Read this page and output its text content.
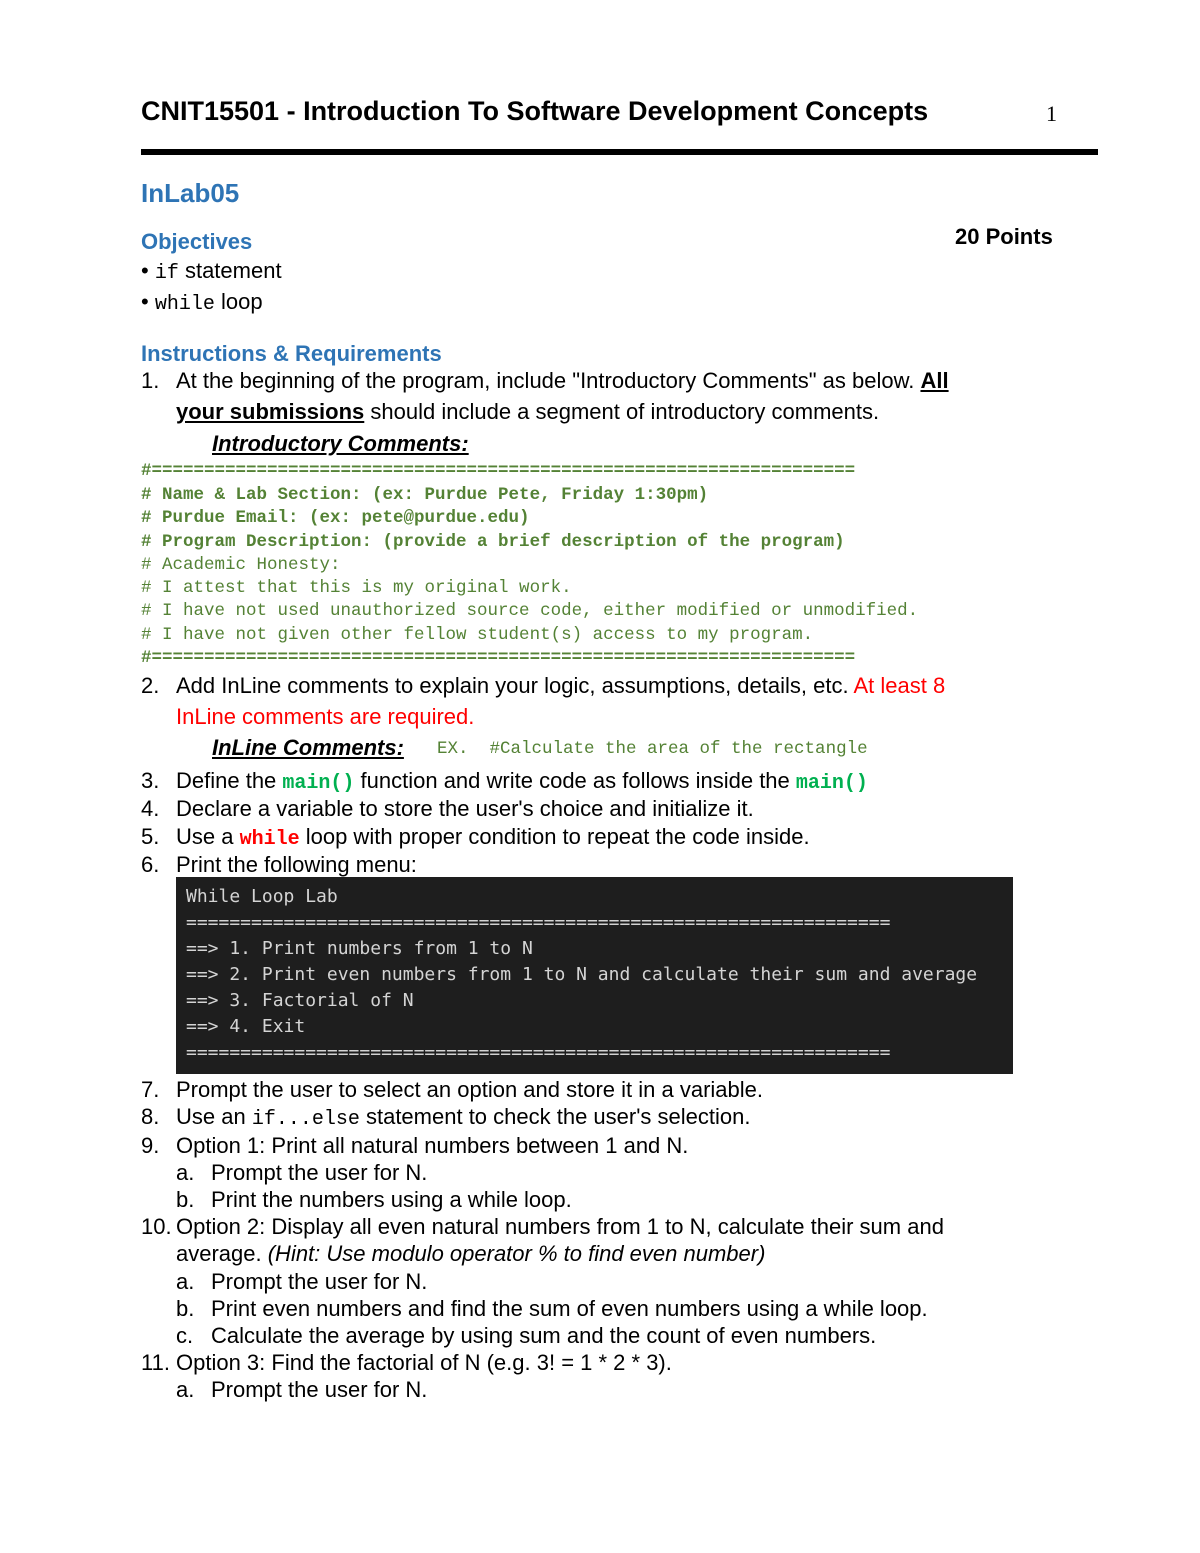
CNIT15501 - Introduction To Software Development Concepts	1
InLab05
20 Points
Objectives
• if statement
• while loop
Instructions & Requirements
1. At the beginning of the program, include "Introductory Comments" as below. All
your submissions should include a segment of introductory comments.
Introductory Comments:
#===================================================================
# Name & Lab Section: (ex: Purdue Pete, Friday 1:30pm)
# Purdue Email: (ex: pete@purdue.edu)
# Program Description: (provide a brief description of the program)
# Academic Honesty:
# I attest that this is my original work.
# I have not used unauthorized source code, either modified or unmodified.
# I have not given other fellow student(s) access to my program.
#===================================================================
2. Add InLine comments to explain your logic, assumptions, details, etc. At least 8
InLine comments are required.
InLine Comments: EX.  #Calculate the area of the rectangle
3. Define the main() function and write code as follows inside the main()
4. Declare a variable to store the user's choice and initialize it.
5. Use a while loop with proper condition to repeat the code inside.
6. Print the following menu:
While Loop Lab
=================================================================
==> 1. Print numbers from 1 to N
==> 2. Print even numbers from 1 to N and calculate their sum and average
==> 3. Factorial of N
==> 4. Exit
=================================================================
7. Prompt the user to select an option and store it in a variable.
8. Use an if...else statement to check the user's selection.
9. Option 1: Print all natural numbers between 1 and N.
a. Prompt the user for N.
b. Print the numbers using a while loop.
10. Option 2: Display all even natural numbers from 1 to N, calculate their sum and
average. (Hint: Use modulo operator % to find even number)
a. Prompt the user for N.
b. Print even numbers and find the sum of even numbers using a while loop.
c. Calculate the average by using sum and the count of even numbers.
11. Option 3: Find the factorial of N (e.g. 3! = 1 * 2 * 3).
a. Prompt the user for N.
